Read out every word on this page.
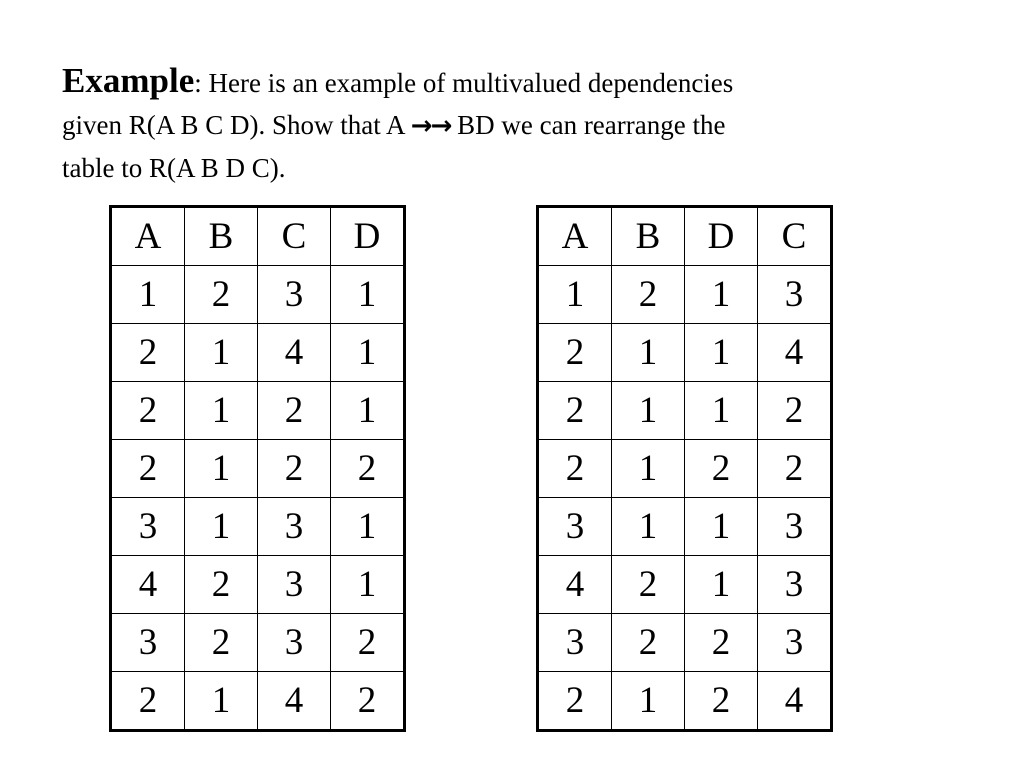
Example: Here is an example of multivalued dependencies
given R(A B C D). Show that A →→ BD we can rearrange the
table to R(A B D C).
A	B	C	D
1	2	3	1
2	1	4	1
2	1	2	1
2	1	2	2
3	1	3	1
4	2	3	1
3	2	3	2
2	1	4	2
A	B	D	C
1	2	1	3
2	1	1	4
2	1	1	2
2	1	2	2
3	1	1	3
4	2	1	3
3	2	2	3
2	1	2	4
